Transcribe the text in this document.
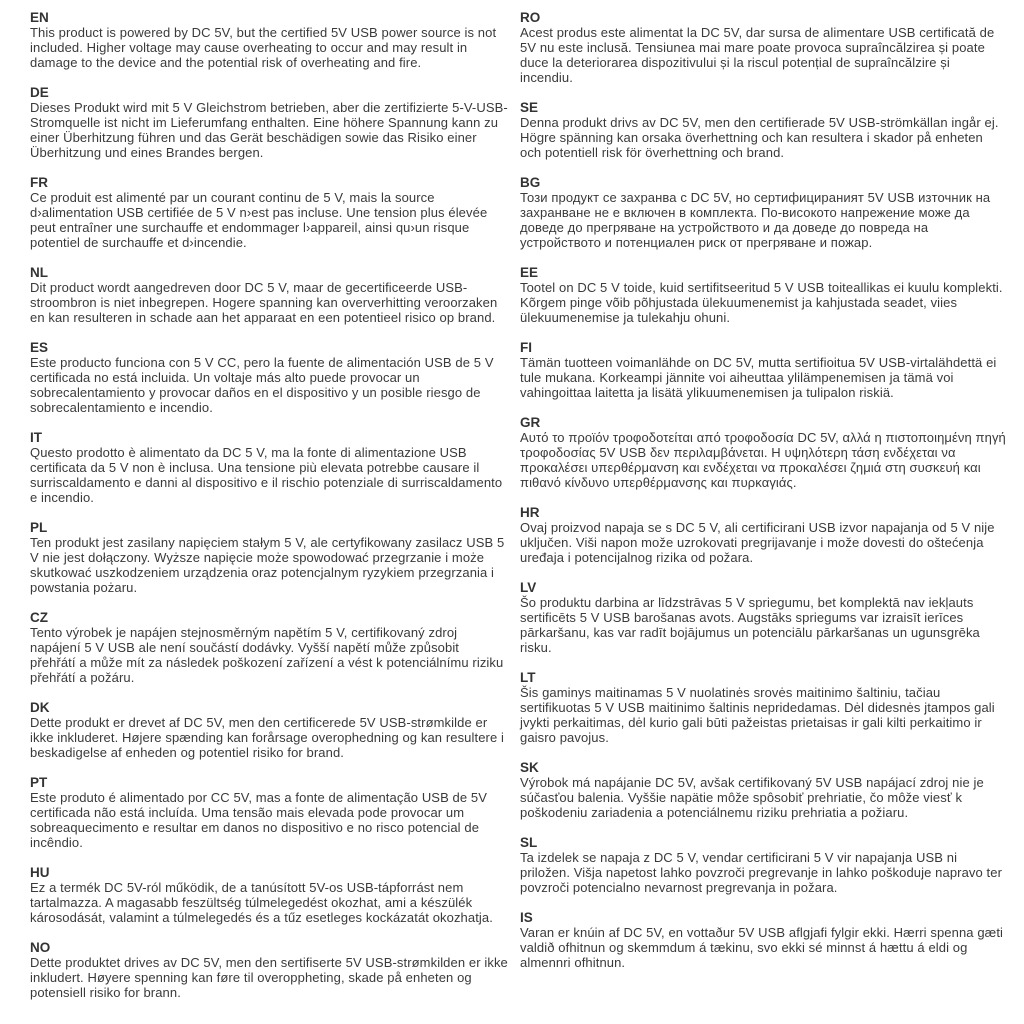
EN
This product is powered by DC 5V, but the certified 5V USB power source is not included. Higher voltage may cause overheating to occur and may result in damage to the device and the potential risk of overheating and fire.
DE
Dieses Produkt wird mit 5 V Gleichstrom betrieben, aber die zertifizierte 5-V-USB-Stromquelle ist nicht im Lieferumfang enthalten. Eine höhere Spannung kann zu einer Überhitzung führen und das Gerät beschädigen sowie das Risiko einer Überhitzung und eines Brandes bergen.
FR
Ce produit est alimenté par un courant continu de 5 V, mais la source d›alimentation USB certifiée de 5 V n›est pas incluse. Une tension plus élevée peut entraîner une surchauffe et endommager l›appareil, ainsi qu›un risque potentiel de surchauffe et d›incendie.
NL
Dit product wordt aangedreven door DC 5 V, maar de gecertificeerde USB-stroombron is niet inbegrepen. Hogere spanning kan oververhitting veroorzaken en kan resulteren in schade aan het apparaat en een potentieel risico op brand.
ES
Este producto funciona con 5 V CC, pero la fuente de alimentación USB de 5 V certificada no está incluida. Un voltaje más alto puede provocar un sobrecalentamiento y provocar daños en el dispositivo y un posible riesgo de sobrecalentamiento e incendio.
IT
Questo prodotto è alimentato da DC 5 V, ma la fonte di alimentazione USB certificata da 5 V non è inclusa. Una tensione più elevata potrebbe causare il surriscaldamento e danni al dispositivo e il rischio potenziale di surriscaldamento e incendio.
PL
Ten produkt jest zasilany napięciem stałym 5 V, ale certyfikowany zasilacz USB 5 V nie jest dołączony. Wyższe napięcie może spowodować przegrzanie i może skutkować uszkodzeniem urządzenia oraz potencjalnym ryzykiem przegrzania i powstania pożaru.
CZ
Tento výrobek je napájen stejnosměrným napětím 5 V, certifikovaný zdroj napájení 5 V USB ale není součástí dodávky. Vyšší napětí může způsobit přehřátí a může mít za následek poškození zařízení a vést k potenciálnímu riziku přehřátí a požáru.
DK
Dette produkt er drevet af DC 5V, men den certificerede 5V USB-strømkilde er ikke inkluderet. Højere spænding kan forårsage overophedning og kan resultere i beskadigelse af enheden og potentiel risiko for brand.
PT
Este produto é alimentado por CC 5V, mas a fonte de alimentação USB de 5V certificada não está incluída. Uma tensão mais elevada pode provocar um sobreaquecimento e resultar em danos no dispositivo e no risco potencial de incêndio.
HU
Ez a termék DC 5V-ról működik, de a tanúsított 5V-os USB-tápforrást nem tartalmazza. A magasabb feszültség túlmelegedést okozhat, ami a készülék károsodását, valamint a túlmelegedés és a tűz esetleges kockázatát okozhatja.
NO
Dette produktet drives av DC 5V, men den sertifiserte 5V USB-strømkilden er ikke inkludert. Høyere spenning kan føre til overoppheting, skade på enheten og potensiell risiko for brann.
RO
Acest produs este alimentat la DC 5V, dar sursa de alimentare USB certificată de 5V nu este inclusă. Tensiunea mai mare poate provoca supraîncălzirea și poate duce la deteriorarea dispozitivului și la riscul potențial de supraîncălzire și incendiu.
SE
Denna produkt drivs av DC 5V, men den certifierade 5V USB-strömkällan ingår ej. Högre spänning kan orsaka överhettning och kan resultera i skador på enheten och potentiell risk för överhettning och brand.
BG
Този продукт се захранва с DC 5V, но сертифицираният 5V USB източник на захранване не е включен в комплекта. По-високото напрежение може да доведе до прегряване на устройството и да доведе до повреда на устройството и потенциален риск от прегряване и пожар.
EE
Tootel on DC 5 V toide, kuid sertifitseeritud 5 V USB toiteallikas ei kuulu komplekti. Kõrgem pinge võib põhjustada ülekuumenemist ja kahjustada seadet, viies ülekuumenemise ja tulekahju ohuni.
FI
Tämän tuotteen voimanlähde on DC 5V, mutta sertifioitua 5V USB-virtalähdettä ei tule mukana. Korkeampi jännite voi aiheuttaa ylilämpenemisen ja tämä voi vahingoittaa laitetta ja lisätä ylikuumenemisen ja tulipalon riskiä.
GR
Αυτό το προϊόν τροφοδοτείται από τροφοδοσία DC 5V, αλλά η πιστοποιημένη πηγή τροφοδοσίας 5V USB δεν περιλαμβάνεται. Η υψηλότερη τάση ενδέχεται να προκαλέσει υπερθέρμανση και ενδέχεται να προκαλέσει ζημιά στη συσκευή και πιθανό κίνδυνο υπερθέρμανσης και πυρκαγιάς.
HR
Ovaj proizvod napaja se s DC 5 V, ali certificirani USB izvor napajanja od 5 V nije uključen. Viši napon može uzrokovati pregrijavanje i može dovesti do oštećenja uređaja i potencijalnog rizika od požara.
LV
Šo produktu darbina ar līdzstrāvas 5 V spriegumu, bet komplektā nav iekļauts sertificēts 5 V USB barošanas avots. Augstāks spriegums var izraisīt ierīces pārkaršanu, kas var radīt bojājumus un potenciālu pārkaršanas un ugunsgrēka risku.
LT
Šis gaminys maitinamas 5 V nuolatinės srovės maitinimo šaltiniu, tačiau sertifikuotas 5 V USB maitinimo šaltinis nepridedamas. Dėl didesnės jtampos gali jvykti perkaitimas, dėl kurio gali būti pažeistas prietaisas ir gali kilti perkaitimo ir gaisro pavojus.
SK
Výrobok má napájanie DC 5V, avšak certifikovaný 5V USB napájací zdroj nie je súčasťou balenia. Vyššie napätie môže spôsobiť prehriatie, čo môže viesť k poškodeniu zariadenia a potenciálnemu riziku prehriatia a požiaru.
SL
Ta izdelek se napaja z DC 5 V, vendar certificirani 5 V vir napajanja USB ni priložen. Višja napetost lahko povzroči pregrevanje in lahko poškoduje napravo ter povzroči potencialno nevarnost pregrevanja in požara.
IS
Varan er knúin af DC 5V, en vottaður 5V USB aflgjafi fylgir ekki. Hærri spenna gæti valdið ofhitnun og skemmdum á tækinu, svo ekki sé minnst á hættu á eldi og almennri ofhitnun.
